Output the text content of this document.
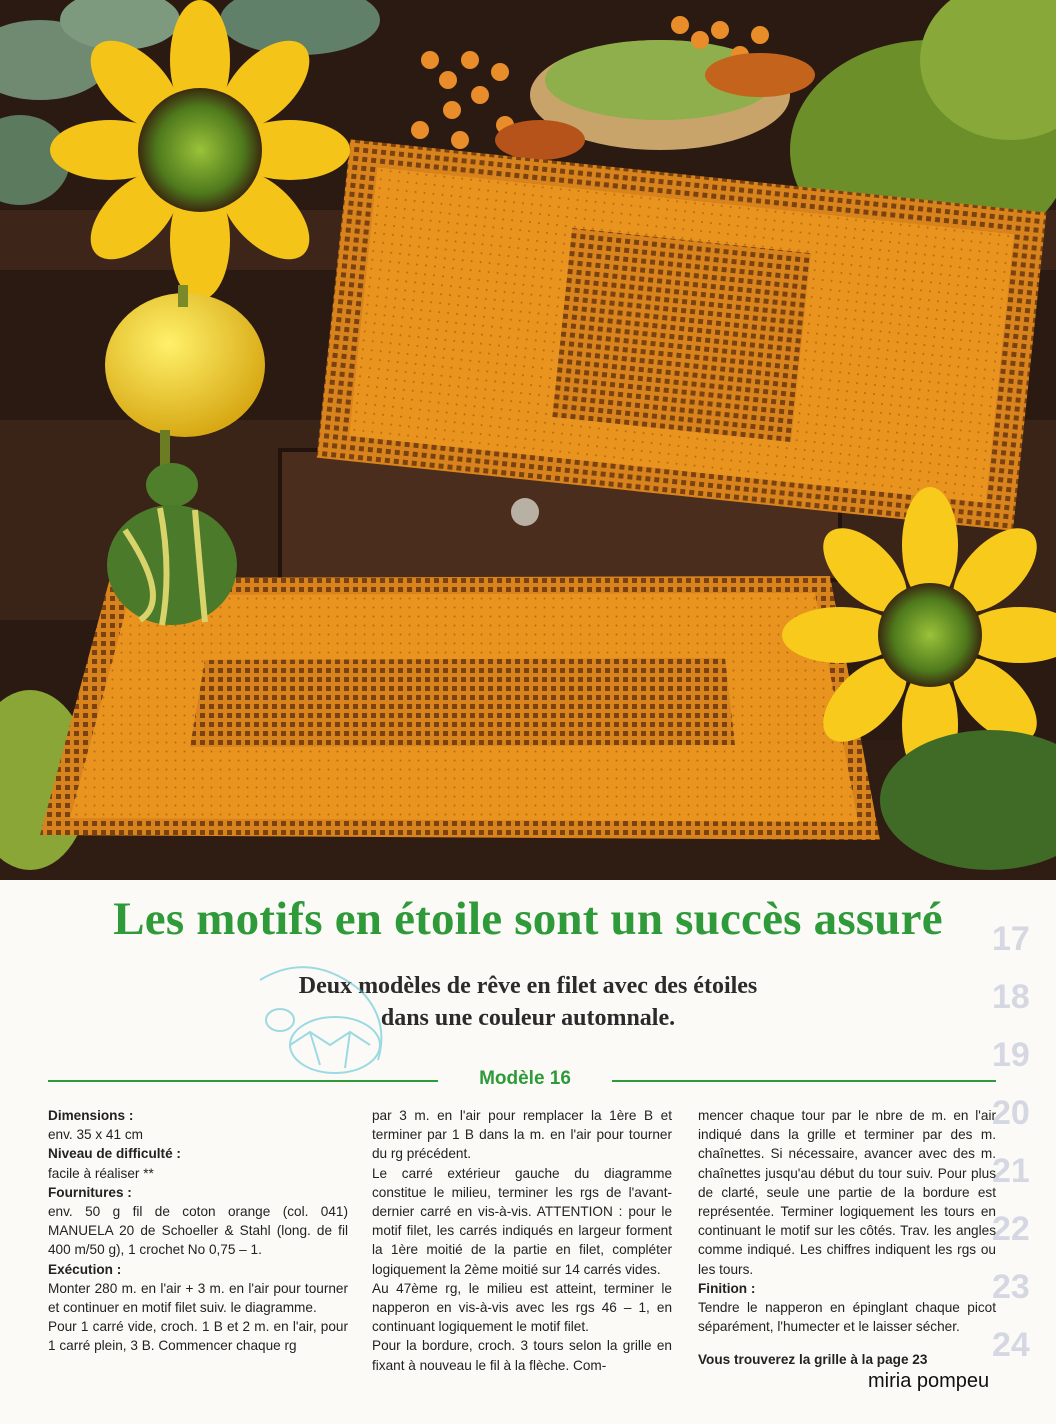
17
18
19
20
21
22
23
24
Les motifs en étoile sont un succès assuré
Deux modèles de rêve en filet avec des étoiles
dans une couleur automnale.
Modèle 16
Dimensions :
env. 35 x 41 cm
Niveau de difficulté :
facile à réaliser **
Fournitures :

env. 50 g fil de coton orange (col. 041) MANUELA 20 de Schoeller & Stahl (long. de fil 400 m/50 g), 1 crochet No 0,75 – 1.

Exécution :

Monter 280 m. en l'air + 3 m. en l'air pour tourner et continuer en motif filet suiv. le diagramme.

Pour 1 carré vide, croch. 1 B et 2 m. en l'air, pour 1 carré plein, 3 B. Commencer chaque rg

par 3 m. en l'air pour remplacer la 1ère B et terminer par 1 B dans la m. en l'air pour tourner du rg précédent.

Le carré extérieur gauche du diagramme constitue le milieu, terminer les rgs de l'avant-dernier carré en vis-à-vis. ATTENTION : pour le motif filet, les carrés indiqués en largeur forment la 1ère moitié de la partie en filet, compléter logiquement la 2ème moitié sur 14 carrés vides.

Au 47ème rg, le milieu est atteint, terminer le napperon en vis-à-vis avec les rgs 46 – 1, en continuant logiquement le motif filet.

Pour la bordure, croch. 3 tours selon la grille en fixant à nouveau le fil à la flèche. Com-

mencer chaque tour par le nbre de m. en l'air indiqué dans la grille et terminer par des m. chaînettes. Si nécessaire, avancer avec des m. chaînettes jusqu'au début du tour suiv. Pour plus de clarté, seule une partie de la bordure est représentée. Terminer logiquement les tours en continuant le motif sur les côtés. Trav. les angles comme indiqué. Les chiffres indiquent les rgs ou les tours.

Finition :

Tendre le napperon en épinglant chaque picot séparément, l'humecter et le laisser sécher.

Vous trouverez la grille à la page 23
miria pompeu
